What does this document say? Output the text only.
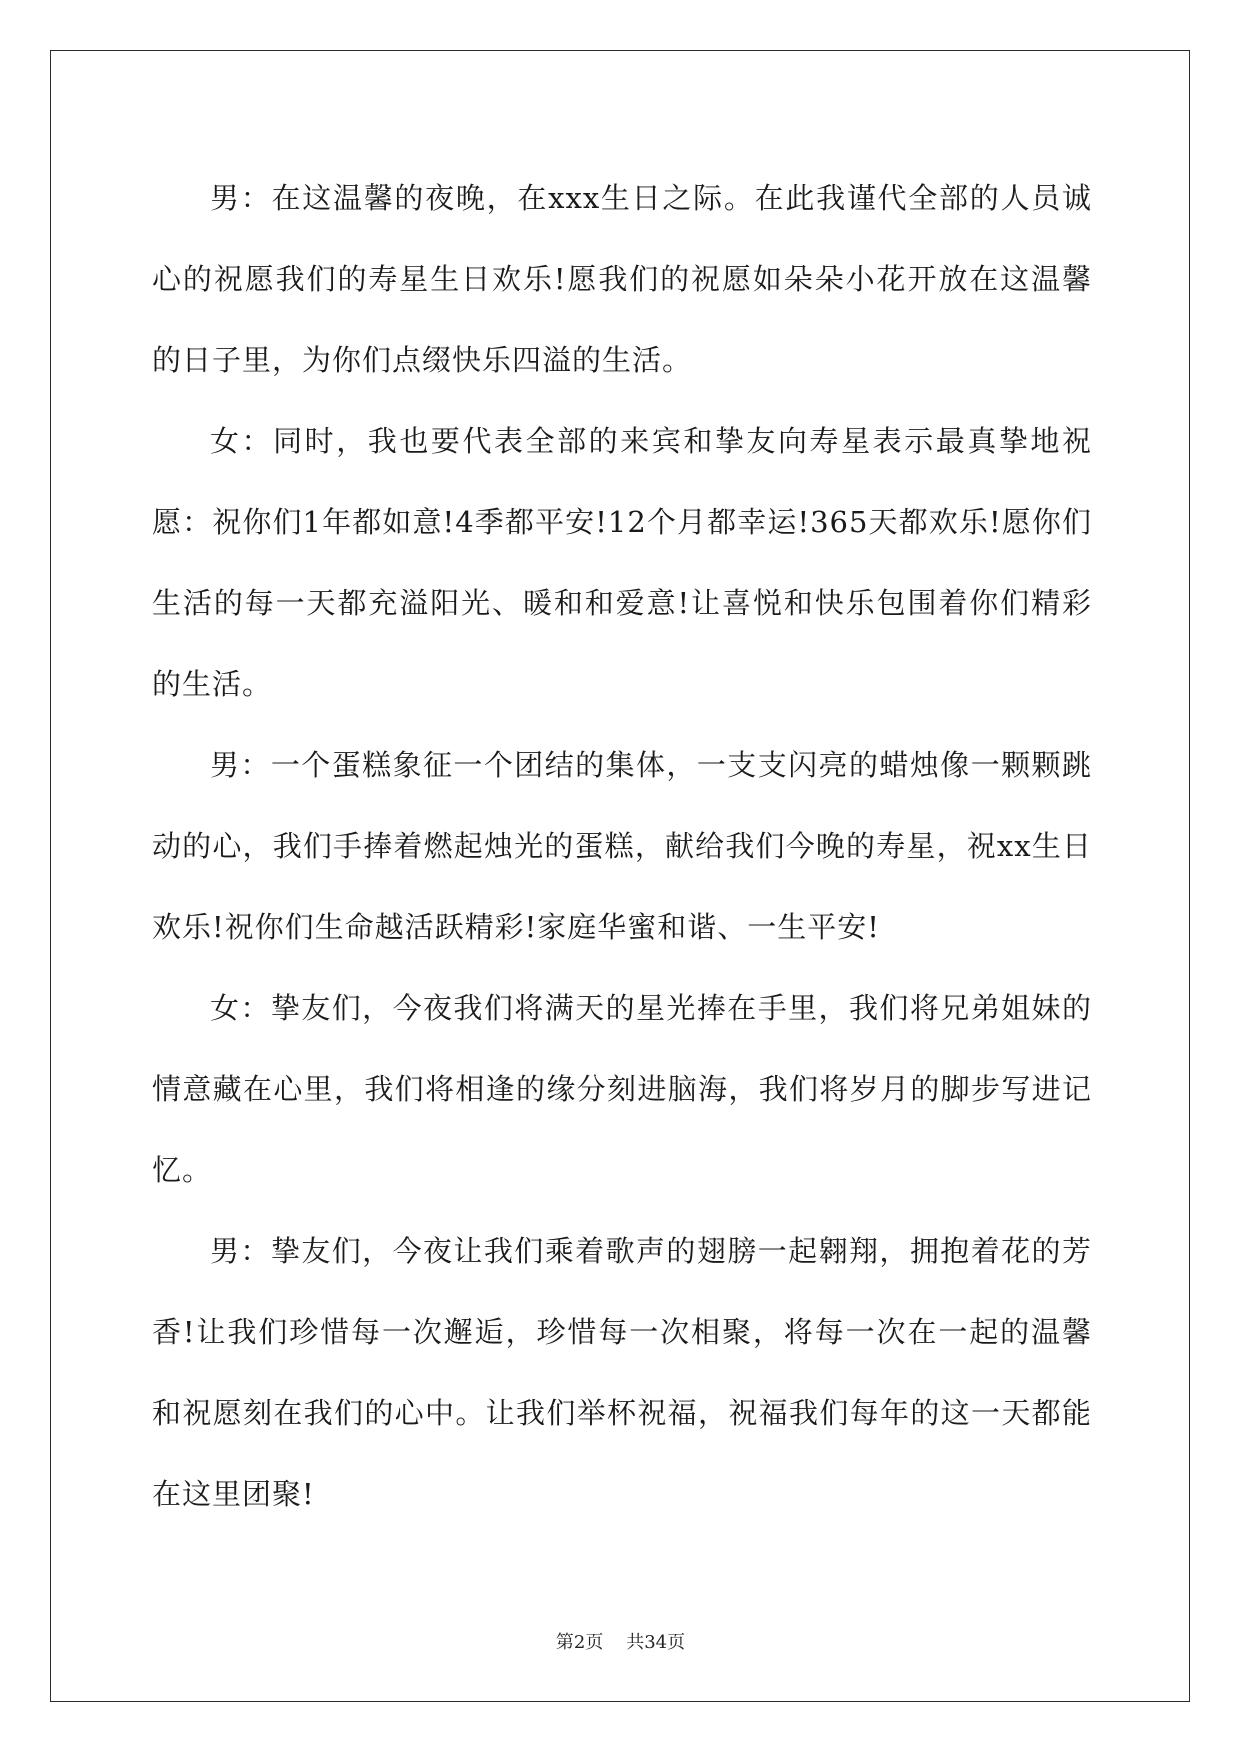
男：在这温馨的夜晚，在xxx生日之际。在此我谨代全部的人员诚心的祝愿我们的寿星生日欢乐!愿我们的祝愿如朵朵小花开放在这温馨的日子里，为你们点缀快乐四溢的生活。

女：同时，我也要代表全部的来宾和挚友向寿星表示最真挚地祝愿：祝你们1年都如意!4季都平安!12个月都幸运!365天都欢乐!愿你们生活的每一天都充溢阳光、暖和和爱意!让喜悦和快乐包围着你们精彩的生活。

男：一个蛋糕象征一个团结的集体，一支支闪亮的蜡烛像一颗颗跳动的心，我们手捧着燃起烛光的蛋糕，献给我们今晚的寿星，祝xx生日欢乐!祝你们生命越活跃精彩!家庭华蜜和谐、一生平安!

女：挚友们，今夜我们将满天的星光捧在手里，我们将兄弟姐妹的情意藏在心里，我们将相逢的缘分刻进脑海，我们将岁月的脚步写进记忆。

男：挚友们，今夜让我们乘着歌声的翅膀一起翱翔，拥抱着花的芳香!让我们珍惜每一次邂逅，珍惜每一次相聚，将每一次在一起的温馨和祝愿刻在我们的心中。让我们举杯祝福，祝福我们每年的这一天都能在这里团聚!

第2页    共34页
